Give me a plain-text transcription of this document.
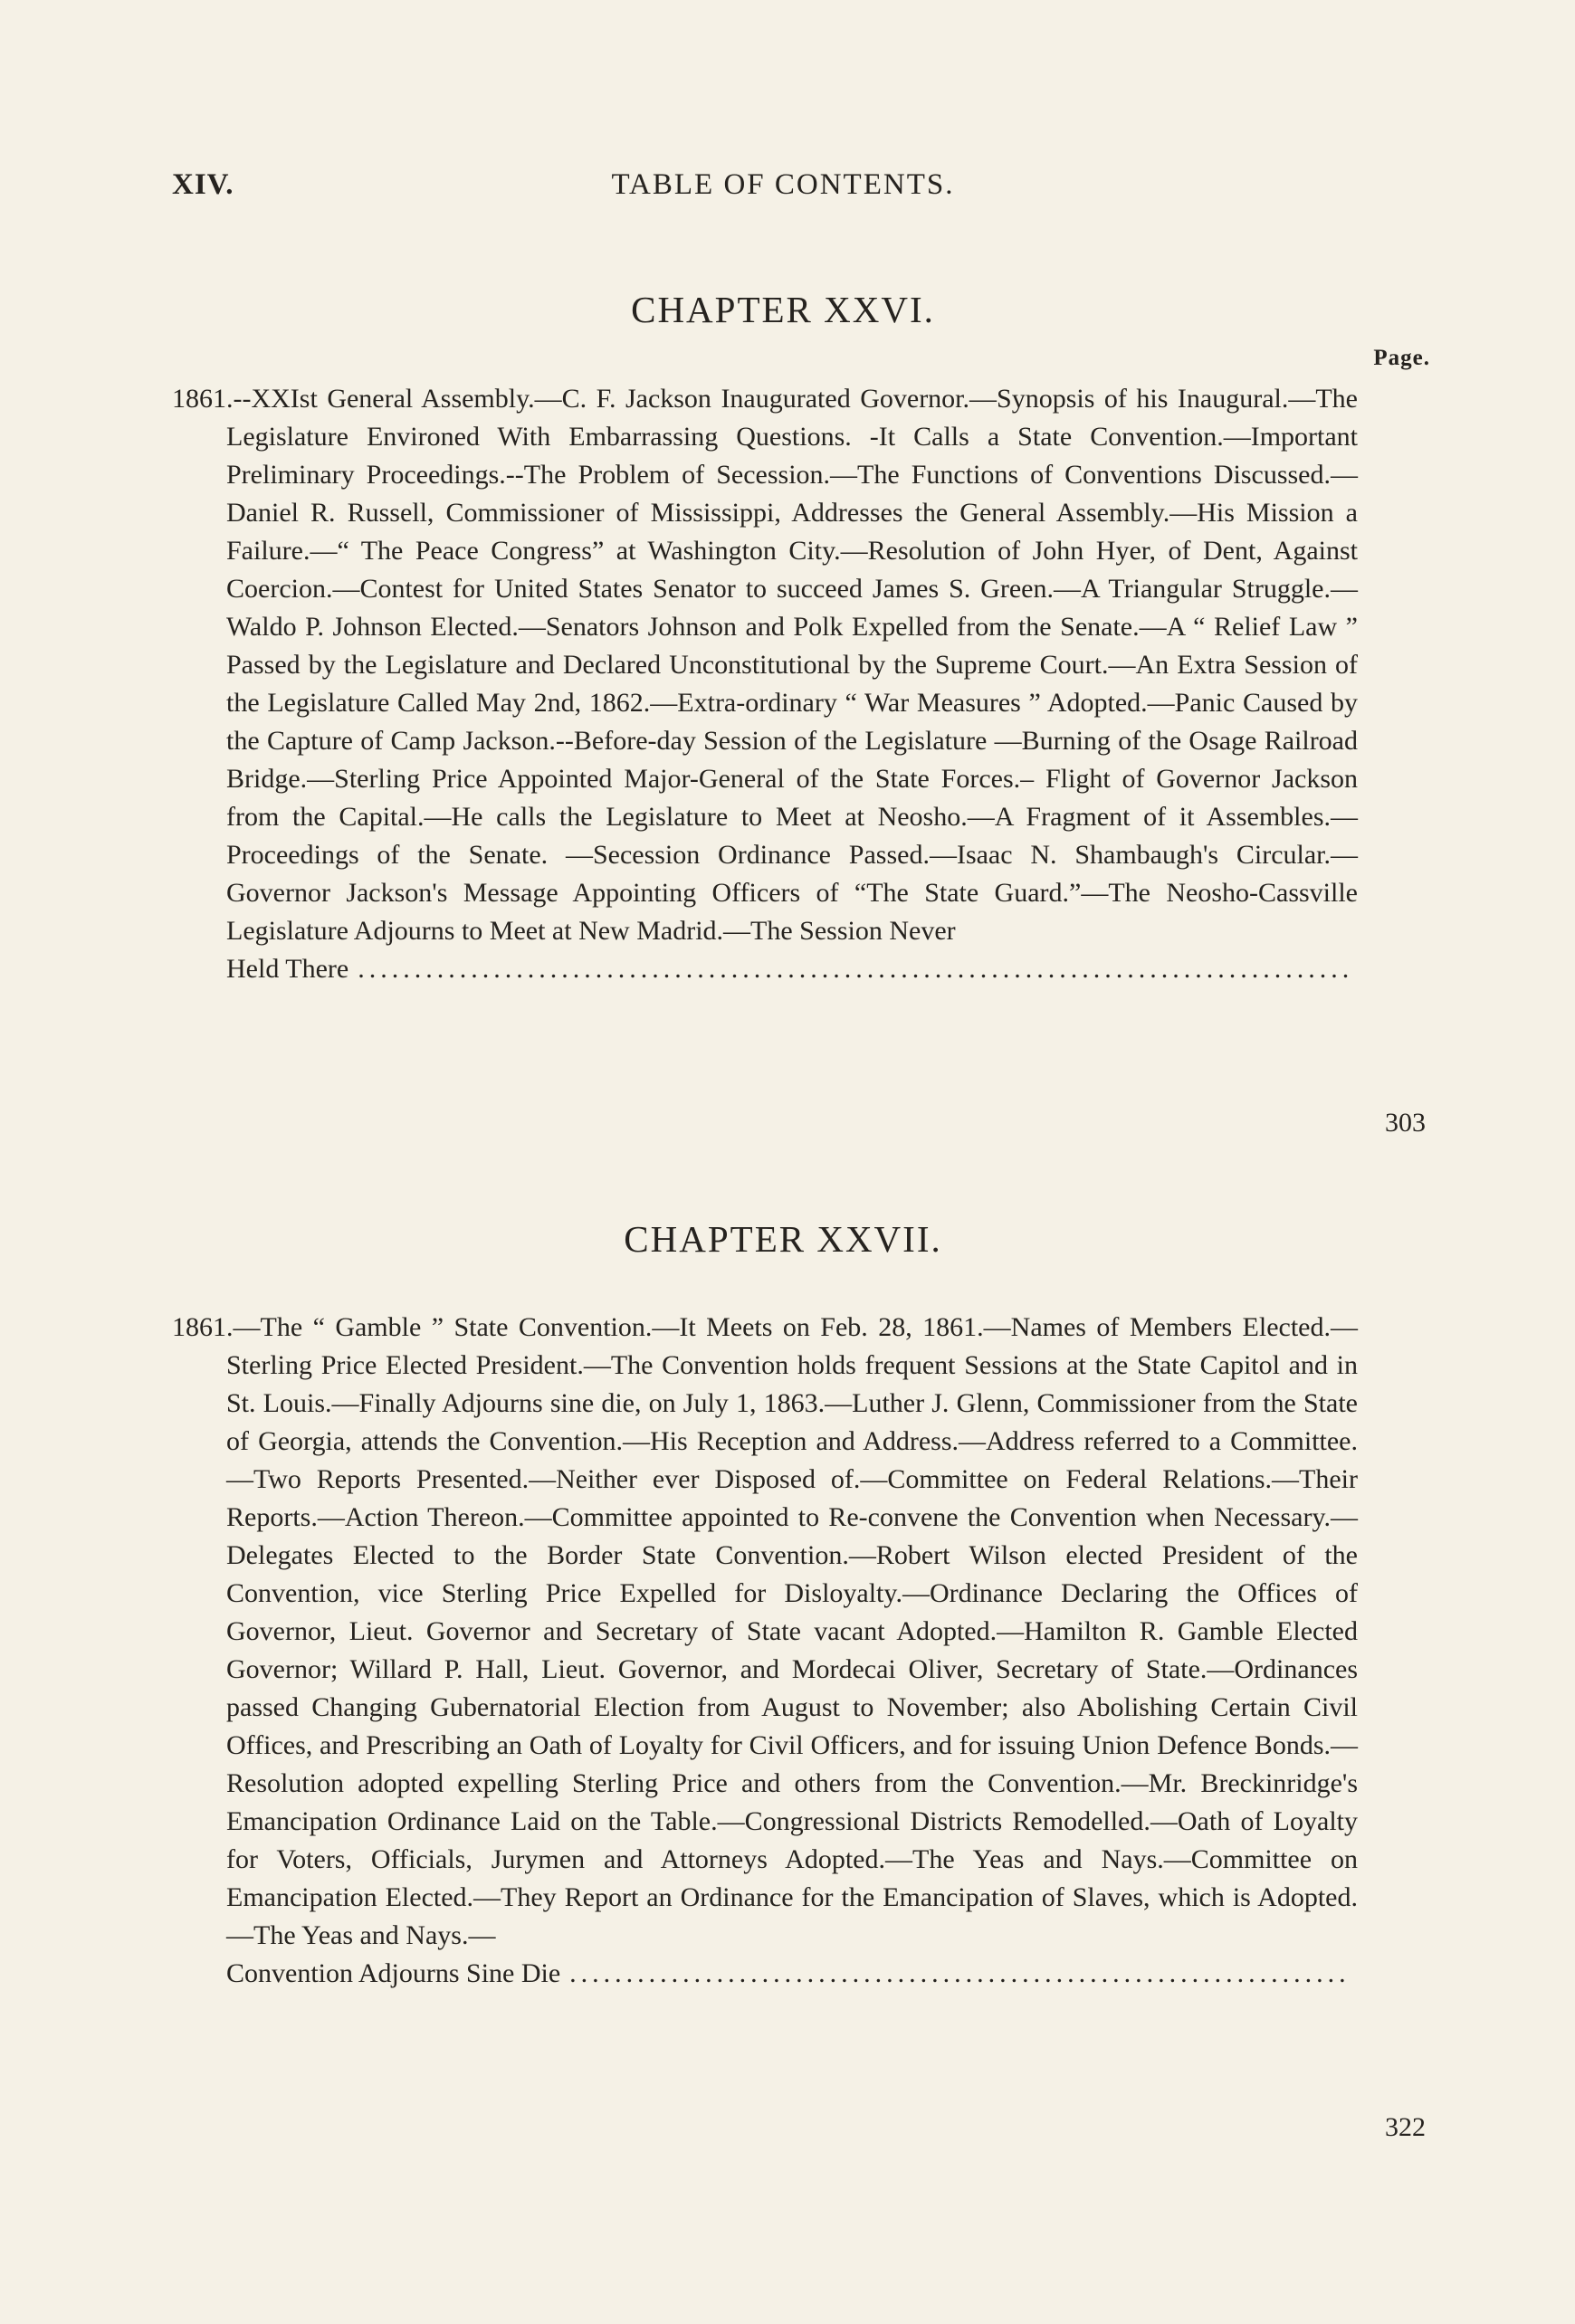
XIV.	TABLE OF CONTENTS.
CHAPTER XXVI.
Page.
1861.--XXIst General Assembly.—C. F. Jackson Inaugurated Governor.—Synopsis of his Inaugural.—The Legislature Environed With Embarrassing Questions. -It Calls a State Convention.—Important Preliminary Proceedings.--The Problem of Secession.—The Functions of Conventions Discussed.—Daniel R. Russell, Commissioner of Mississippi, Addresses the General Assembly.—His Mission a Failure.—“ The Peace Congress” at Washington City.—Resolution of John Hyer, of Dent, Against Coercion.—Contest for United States Senator to succeed James S. Green.—A Triangular Struggle.—Waldo P. Johnson Elected.—Senators Johnson and Polk Expelled from the Senate.—A “ Relief Law ” Passed by the Legislature and Declared Unconstitutional by the Supreme Court.—An Extra Session of the Legislature Called May 2nd, 1862.—Extra-ordinary “ War Measures ” Adopted.—Panic Caused by the Capture of Camp Jackson.--Before-day Session of the Legislature —Burning of the Osage Railroad Bridge.—Sterling Price Appointed Major-General of the State Forces.– Flight of Governor Jackson from the Capital.—He calls the Legislature to Meet at Neosho.—A Fragment of it Assembles.—Proceedings of the Senate. —Secession Ordinance Passed.—Isaac N. Shambaugh's Circular.—Governor Jackson's Message Appointing Officers of “The State Guard.”—The Neosho-Cassville Legislature Adjourns to Meet at New Madrid.—The Session Never
Held There
.....
303
CHAPTER XXVII.
1861.—The “ Gamble ” State Convention.—It Meets on Feb. 28, 1861.—Names of Members Elected.—Sterling Price Elected President.—The Convention holds frequent Sessions at the State Capitol and in St. Louis.—Finally Adjourns sine die, on July 1, 1863.—Luther J. Glenn, Commissioner from the State of Georgia, attends the Convention.—His Reception and Address.—Address referred to a Committee.—Two Reports Presented.—Neither ever Disposed of.—Committee on Federal Relations.—Their Reports.—Action Thereon.—Committee appointed to Re-convene the Convention when Necessary.—Delegates Elected to the Border State Convention.—Robert Wilson elected President of the Convention, vice Sterling Price Expelled for Disloyalty.—Ordinance Declaring the Offices of Governor, Lieut. Governor and Secretary of State vacant Adopted.—Hamilton R. Gamble Elected Governor; Willard P. Hall, Lieut. Governor, and Mordecai Oliver, Secretary of State.—Ordinances passed Changing Gubernatorial Election from August to November; also Abolishing Certain Civil Offices, and Prescribing an Oath of Loyalty for Civil Officers, and for issuing Union Defence Bonds.—Resolution adopted expelling Sterling Price and others from the Convention.—Mr. Breckinridge's Emancipation Ordinance Laid on the Table.—Congressional Districts Remodelled.—Oath of Loyalty for Voters, Officials, Jurymen and Attorneys Adopted.—The Yeas and Nays.—Committee on Emancipation Elected.—They Report an Ordinance for the Emancipation of Slaves, which is Adopted.—The Yeas and Nays.—
Convention Adjourns Sine Die
.....
322
